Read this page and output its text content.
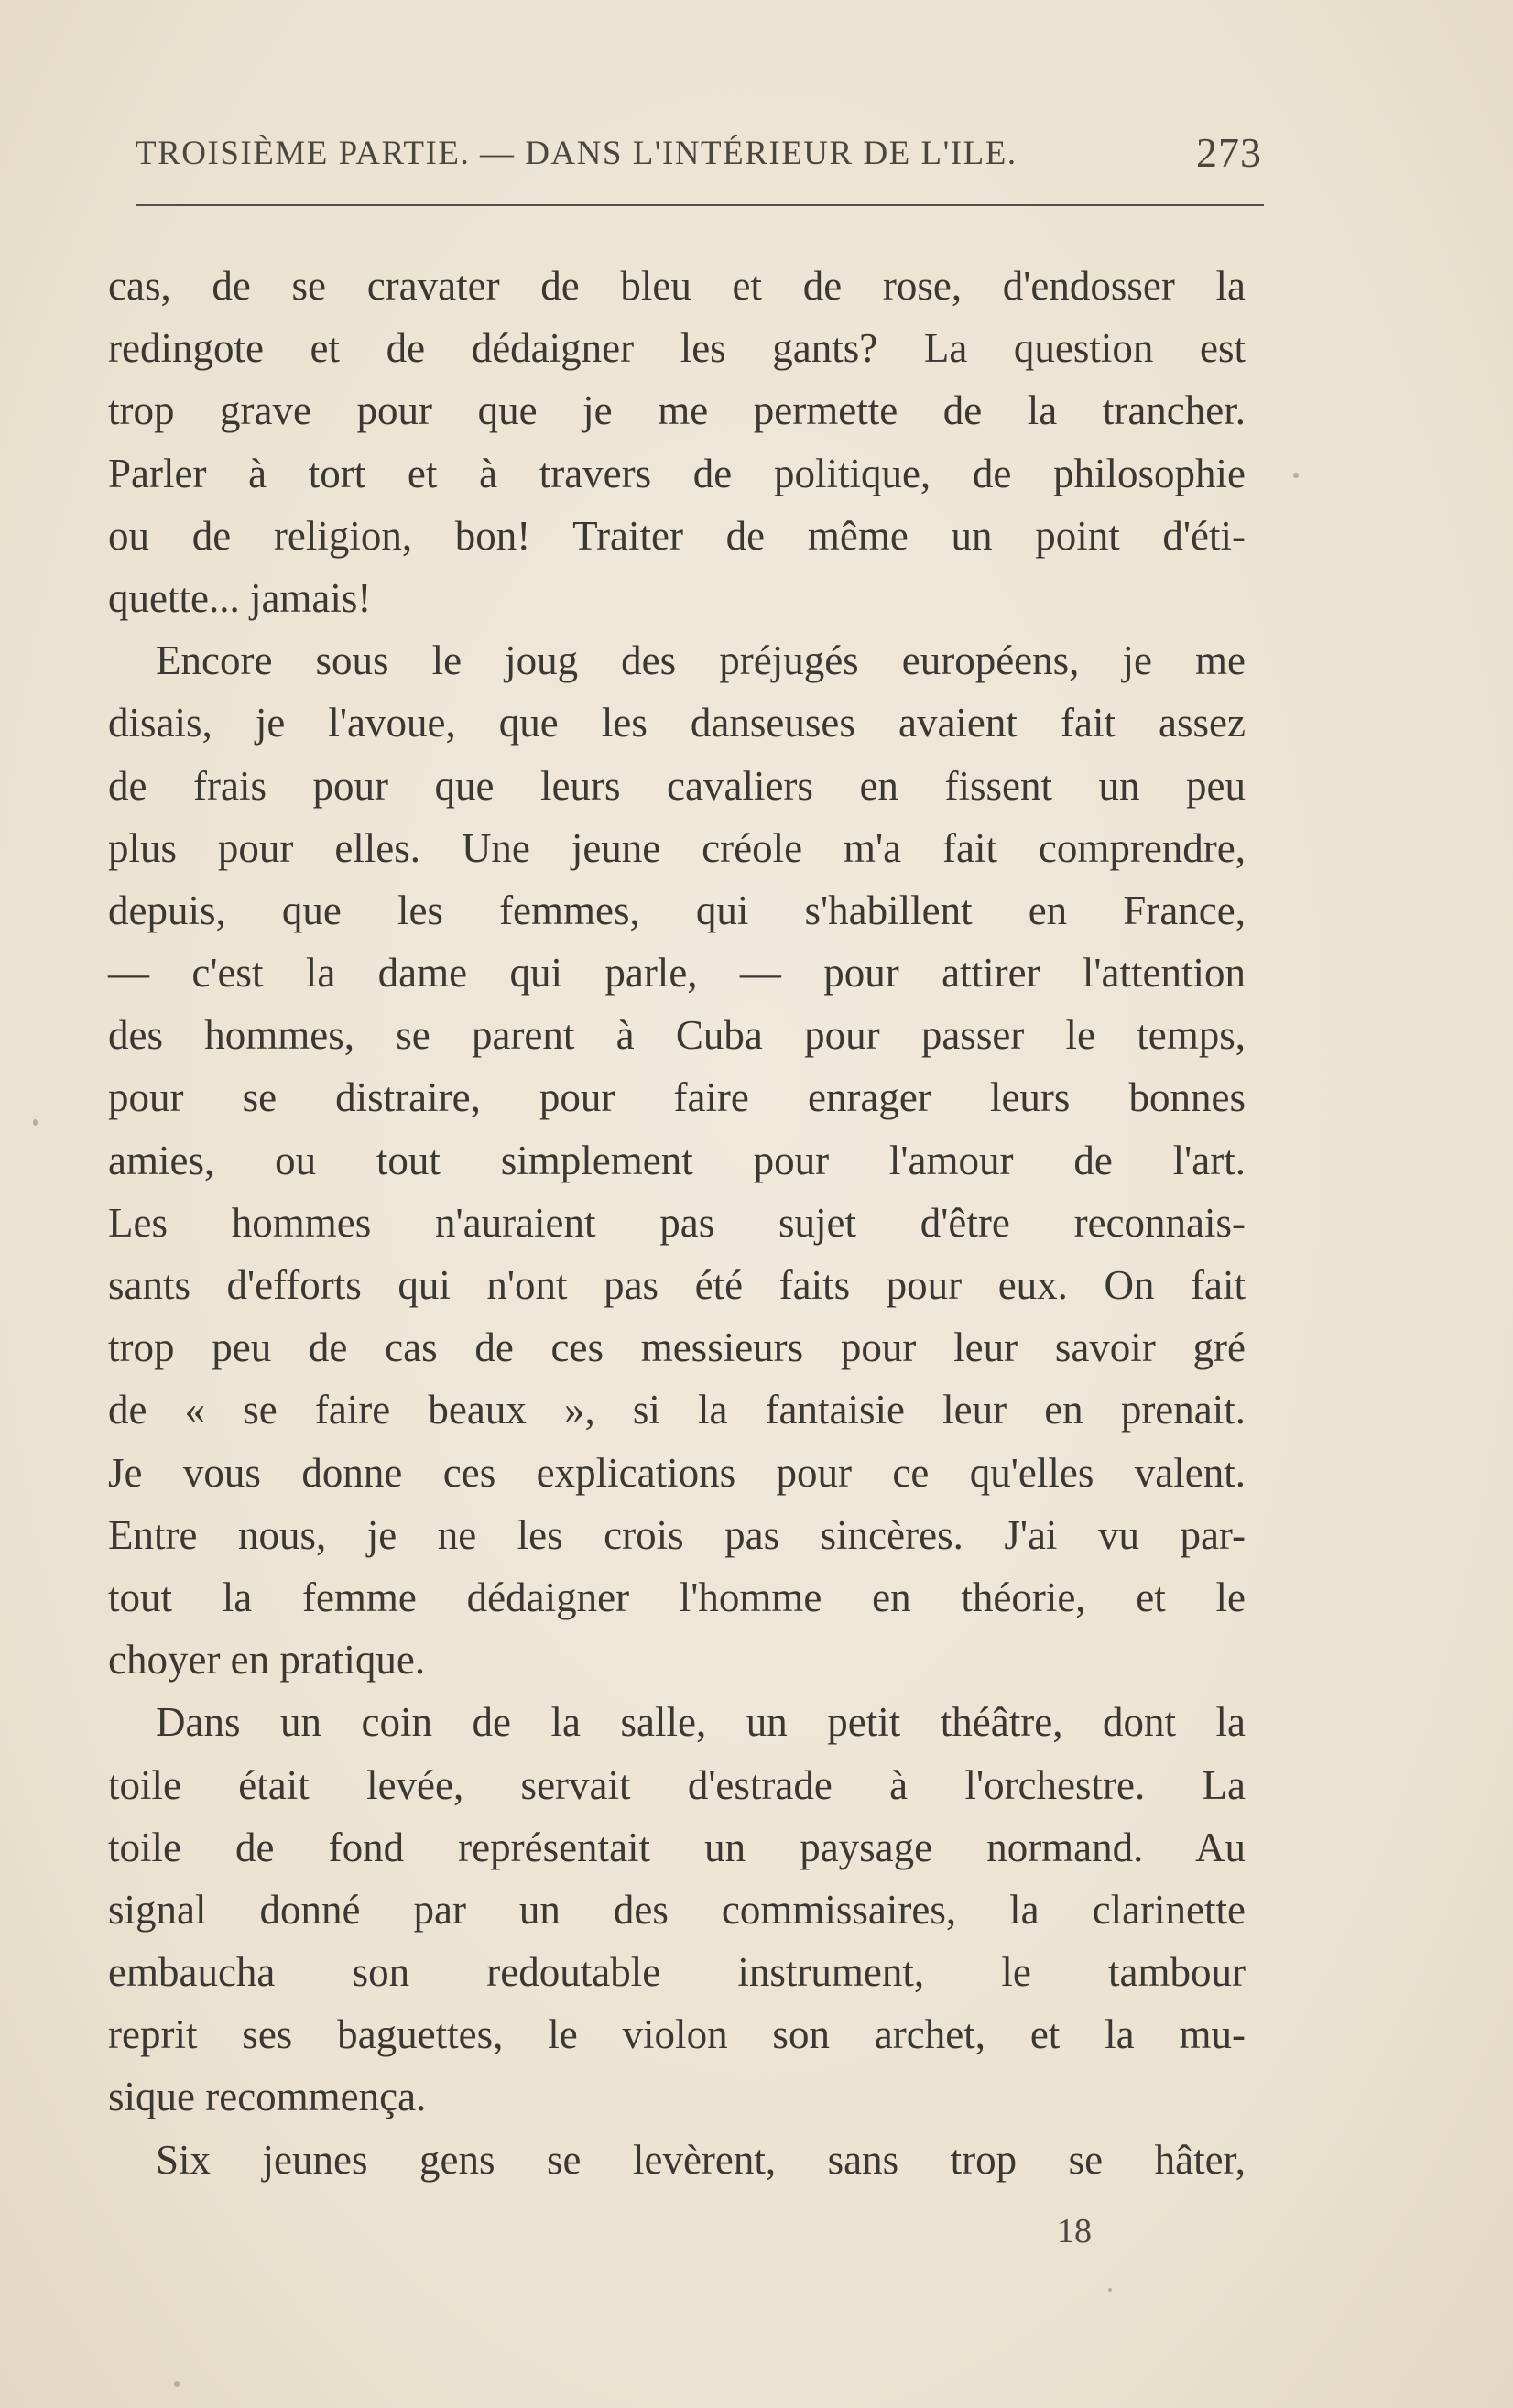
TROISIÈME PARTIE. — DANS L'INTÉRIEUR DE L'ILE.	273
cas, de se cravater de bleu et de rose, d'endosser la
redingote et de dédaigner les gants? La question est
trop grave pour que je me permette de la trancher.
Parler à tort et à travers de politique, de philosophie
ou de religion, bon! Traiter de même un point d'éti-
quette... jamais!
Encore sous le joug des préjugés européens, je me
disais, je l'avoue, que les danseuses avaient fait assez
de frais pour que leurs cavaliers en fissent un peu
plus pour elles. Une jeune créole m'a fait comprendre,
depuis, que les femmes, qui s'habillent en France,
— c'est la dame qui parle, — pour attirer l'attention
des hommes, se parent à Cuba pour passer le temps,
pour se distraire, pour faire enrager leurs bonnes
amies, ou tout simplement pour l'amour de l'art.
Les hommes n'auraient pas sujet d'être reconnais-
sants d'efforts qui n'ont pas été faits pour eux. On fait
trop peu de cas de ces messieurs pour leur savoir gré
de « se faire beaux », si la fantaisie leur en prenait.
Je vous donne ces explications pour ce qu'elles valent.
Entre nous, je ne les crois pas sincères. J'ai vu par-
tout la femme dédaigner l'homme en théorie, et le
choyer en pratique.
Dans un coin de la salle, un petit théâtre, dont la
toile était levée, servait d'estrade à l'orchestre. La
toile de fond représentait un paysage normand. Au
signal donné par un des commissaires, la clarinette
embaucha son redoutable instrument, le tambour
reprit ses baguettes, le violon son archet, et la mu-
sique recommença.
Six jeunes gens se levèrent, sans trop se hâter,
18
